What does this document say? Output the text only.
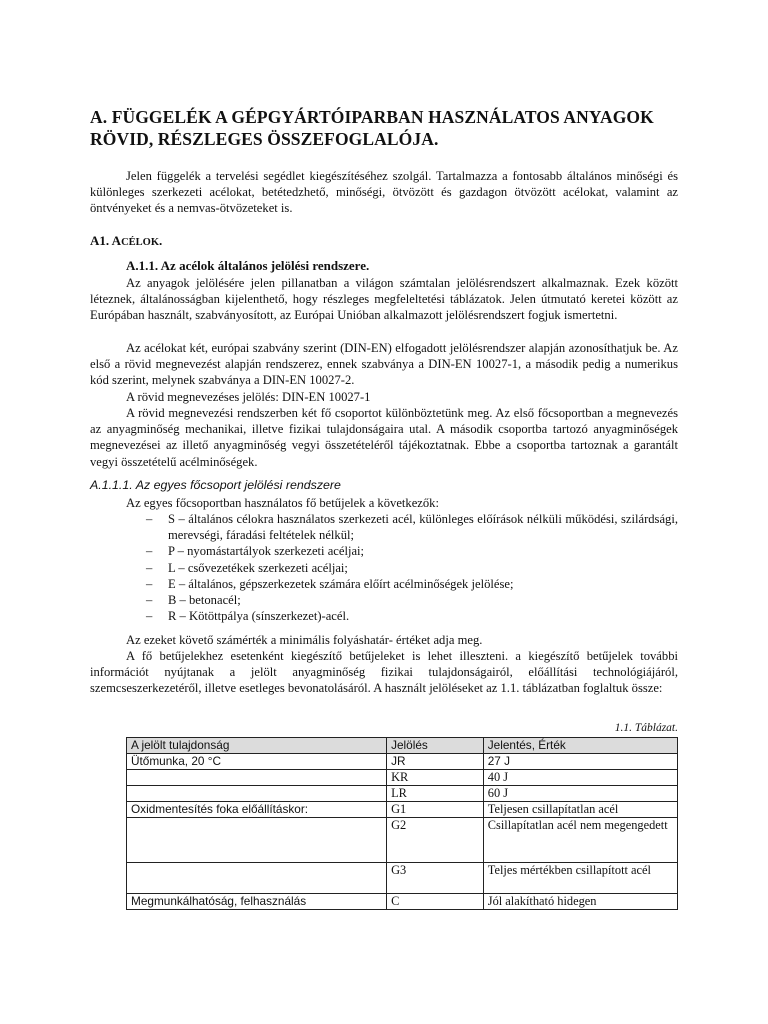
A. FÜGGELÉK A GÉPGYÁRTÓIPARBAN HASZNÁLATOS ANYAGOK RÖVID, RÉSZLEGES ÖSSZEFOGLALÓJA.

Jelen függelék a tervelési segédlet kiegészítéséhez szolgál. Tartalmazza a fontosabb általános minőségi és különleges szerkezeti acélokat, betétedzhető, minőségi, ötvözött és gazdagon ötvözött acélokat, valamint az öntvényeket és a nemvas-ötvözeteket is.

A1. ACÉLOK.

A.1.1. Az acélok általános jelölési rendszere.

Az anyagok jelölésére jelen pillanatban a világon számtalan jelölésrendszert alkalmaznak. Ezek között léteznek, általánosságban kijelenthető, hogy részleges megfeleltetési táblázatok. Jelen útmutató keretei között az Európában használt, szabványosított, az Európai Unióban alkalmazott jelölésrendszert fogjuk ismertetni.

Az acélokat két, európai szabvány szerint (DIN-EN) elfogadott jelölésrendszer alapján azonosíthatjuk be. Az első a rövid megnevezést alapján rendszerez, ennek szabványa a DIN-EN 10027-1, a második pedig a numerikus kód szerint, melynek szabványa a DIN-EN 10027-2.

A rövid megnevezéses jelölés: DIN-EN 10027-1

A rövid megnevezési rendszerben két fő csoportot különböztetünk meg. Az első főcsoportban a megnevezés az anyagminőség mechanikai, illetve fizikai tulajdonságaira utal. A második csoportba tartozó anyagminőségek megnevezései az illető anyagminőség vegyi összetételéről tájékoztatnak. Ebbe a csoportba tartoznak a garantált vegyi összetételű acélminőségek.

A.1.1.1. Az egyes főcsoport jelölési rendszere

Az egyes főcsoportban használatos fő betűjelek a következők:

– S – általános célokra használatos szerkezeti acél, különleges előírások nélküli működési, szilárdsági, merevségi, fáradási feltételek nélkül;
– P – nyomástartályok szerkezeti acéljai;
– L – csővezetékek szerkezeti acéljai;
– E – általános, gépszerkezetek számára előírt acélminőségek jelölése;
– B – betonacél;
– R – Kötöttpálya (sínszerkezet)-acél.

Az ezeket követő számérték a minimális folyáshatár- értéket adja meg.

A fő betűjelekhez esetenként kiegészítő betűjeleket is lehet illeszteni. a kiegészítő betűjelek további információt nyújtanak a jelölt anyagminőség fizikai tulajdonságairól, előállítási technológiájáról, szemcseszerkezetéről, illetve esetleges bevonatolásáról. A használt jelöléseket az 1.1. táblázatban foglaltuk össze:

1.1. Táblázat.

A jelölt tulajdonság	Jelölés	Jelentés, Érték
Ütőmunka, 20 °C	JR	27 J
	KR	40 J
	LR	60 J
Oxidmentesítés foka előállításkor:	G1	Teljesen csillapítatlan acél
	G2	Csillapítatlan acél nem megengedett
	G3	Teljes mértékben csillapított acél
Megmunkálhatóság, felhasználás	C	Jól alakítható hidegen
